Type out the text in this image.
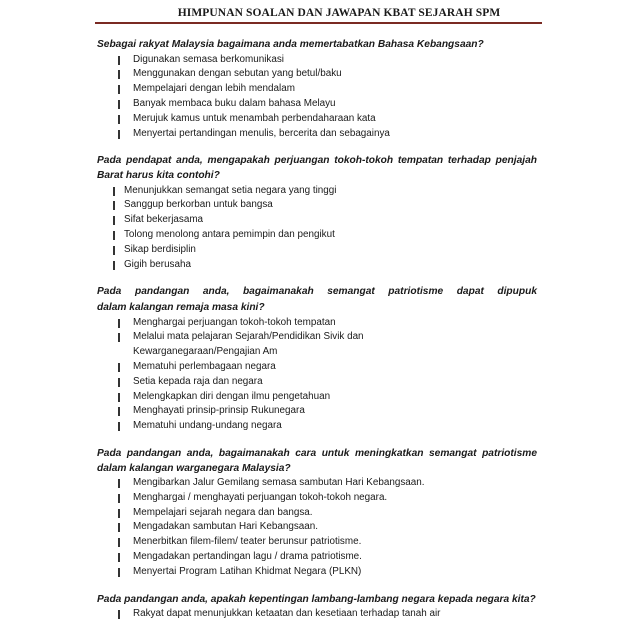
HIMPUNAN SOALAN DAN JAWAPAN KBAT SEJARAH SPM

Sebagai rakyat Malaysia bagaimana anda memertabatkan Bahasa Kebangsaan?

Digunakan semasa berkomunikasi
Menggunakan dengan sebutan yang betul/baku
Mempelajari dengan lebih mendalam
Banyak membaca buku dalam bahasa Melayu
Merujuk kamus untuk menambah perbendaharaan kata
Menyertai pertandingan menulis, bercerita dan sebagainya

Pada pendapat anda, mengapakah perjuangan tokoh-tokoh tempatan terhadap penjajah Barat harus kita contohi?

Menunjukkan semangat setia negara yang tinggi
Sanggup berkorban untuk bangsa
Sifat bekerjasama
Tolong menolong antara pemimpin dan pengikut
Sikap berdisiplin
Gigih berusaha

Pada	pandangan anda, bagaimanakah semangat patriotisme dapat dipupuk

dalam kalangan remaja masa kini?

Menghargai perjuangan tokoh-tokoh tempatan
Melalui mata pelajaran Sejarah/Pendidikan Sivik dan
Kewarganegaraan/Pengajian Am
Mematuhi perlembagaan negara
Setia kepada raja dan negara
Melengkapkan diri dengan ilmu pengetahuan
Menghayati prinsip-prinsip Rukunegara
Mematuhi undang-undang negara

Pada pandangan anda, bagaimanakah cara untuk meningkatkan semangat patriotisme dalam kalangan warganegara Malaysia?

Mengibarkan Jalur Gemilang semasa sambutan Hari Kebangsaan.
Menghargai / menghayati perjuangan tokoh-tokoh negara.
Mempelajari sejarah negara dan bangsa.
Mengadakan sambutan Hari Kebangsaan.
Menerbitkan filem-filem/ teater berunsur patriotisme.
Mengadakan pertandingan lagu / drama patriotisme.
Menyertai Program Latihan Khidmat Negara (PLKN)

Pada pandangan anda, apakah kepentingan lambang-lambang negara kepada negara kita?

Rakyat dapat menunjukkan ketaatan dan kesetiaan terhadap tanah air
